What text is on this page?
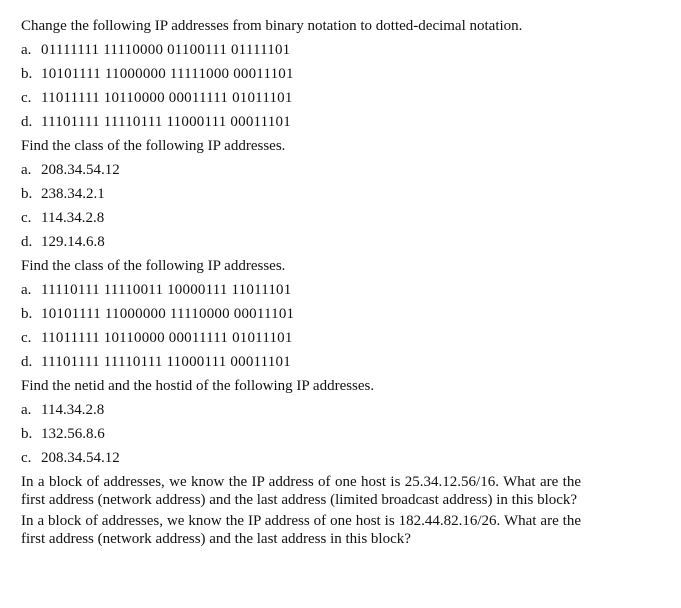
Change the following IP addresses from binary notation to dotted-decimal notation.
a. 01111111 11110000 01100111 01111101
b. 10101111 11000000 11111000 00011101
c. 11011111 10110000 00011111 01011101
d. 11101111 11110111 11000111 00011101
Find the class of the following IP addresses.
a. 208.34.54.12
b. 238.34.2.1
c. 114.34.2.8
d. 129.14.6.8
Find the class of the following IP addresses.
a. 11110111 11110011 10000111 11011101
b. 10101111 11000000 11110000 00011101
c. 11011111 10110000 00011111 01011101
d. 11101111 11110111 11000111 00011101
Find the netid and the hostid of the following IP addresses.
a. 114.34.2.8
b. 132.56.8.6
c. 208.34.54.12

In a block of addresses, we know the IP address of one host is 25.34.12.56/16. What are the first address (network address) and the last address (limited broadcast address) in this block?

In a block of addresses, we know the IP address of one host is 182.44.82.16/26. What are the first address (network address) and the last address in this block?
